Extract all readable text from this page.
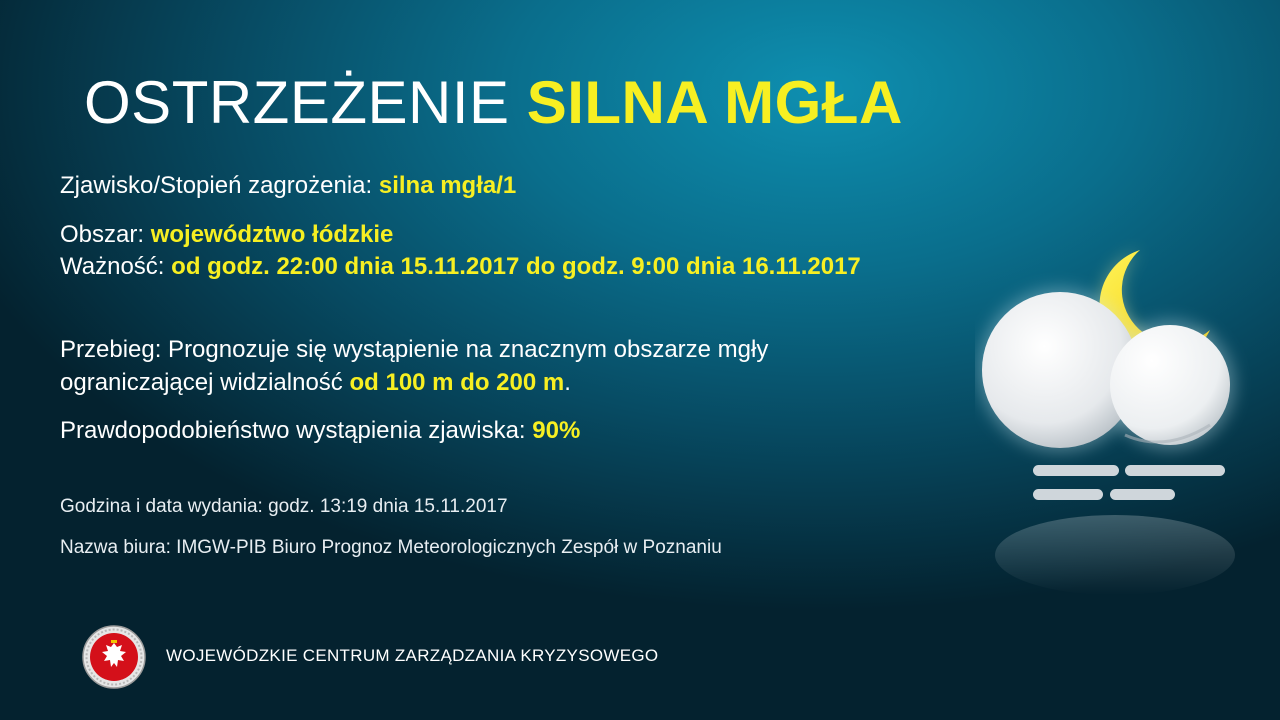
OSTRZEŻENIE SILNA MGŁA
Zjawisko/Stopień zagrożenia: silna mgła/1
Obszar: województwo łódzkie
Ważność: od godz. 22:00 dnia 15.11.2017 do godz. 9:00 dnia 16.11.2017
Przebieg: Prognozuje się wystąpienie na znacznym obszarze mgły
ograniczającej widzialność od 100 m do 200 m.
Prawdopodobieństwo wystąpienia zjawiska: 90%
Godzina i data wydania: godz. 13:19 dnia 15.11.2017
Nazwa biura: IMGW-PIB Biuro Prognoz Meteorologicznych Zespół w Poznaniu
WOJEWÓDZKIE CENTRUM ZARZĄDZANIA KRYZYSOWEGO
